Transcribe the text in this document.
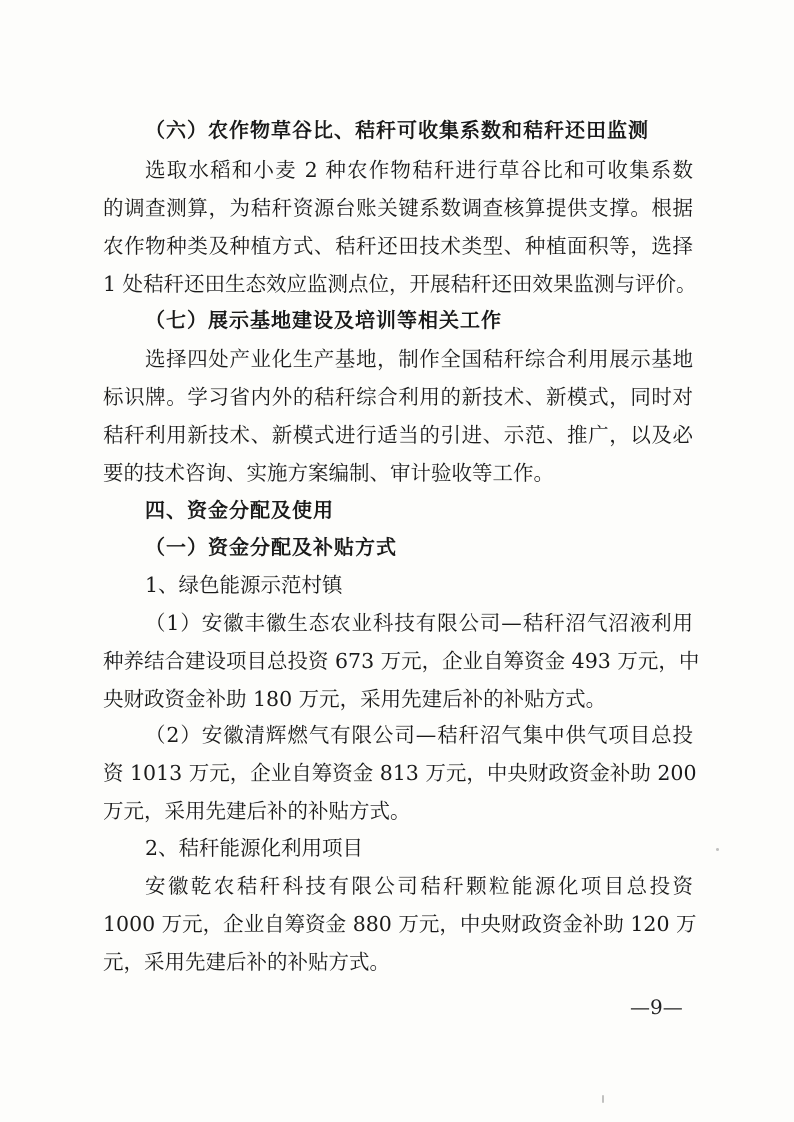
（六）农作物草谷比、秸秆可收集系数和秸秆还田监测
选取水稻和小麦 2 种农作物秸秆进行草谷比和可收集系数
的调查测算，为秸秆资源台账关键系数调查核算提供支撑。根据
农作物种类及种植方式、秸秆还田技术类型、种植面积等，选择
1 处秸秆还田生态效应监测点位，开展秸秆还田效果监测与评价。
（七）展示基地建设及培训等相关工作
选择四处产业化生产基地，制作全国秸秆综合利用展示基地
标识牌。学习省内外的秸秆综合利用的新技术、新模式，同时对
秸秆利用新技术、新模式进行适当的引进、示范、推广，以及必
要的技术咨询、实施方案编制、审计验收等工作。
四、资金分配及使用
（一）资金分配及补贴方式
1、绿色能源示范村镇
（1）安徽丰徽生态农业科技有限公司—秸秆沼气沼液利用
种养结合建设项目总投资 673 万元，企业自筹资金 493 万元，中
央财政资金补助 180 万元，采用先建后补的补贴方式。
（2）安徽清辉燃气有限公司—秸秆沼气集中供气项目总投
资 1013 万元，企业自筹资金 813 万元，中央财政资金补助 200
万元，采用先建后补的补贴方式。
2、秸秆能源化利用项目
安徽乾农秸秆科技有限公司秸秆颗粒能源化项目总投资
1000 万元，企业自筹资金 880 万元，中央财政资金补助 120 万
元，采用先建后补的补贴方式。
—9—
